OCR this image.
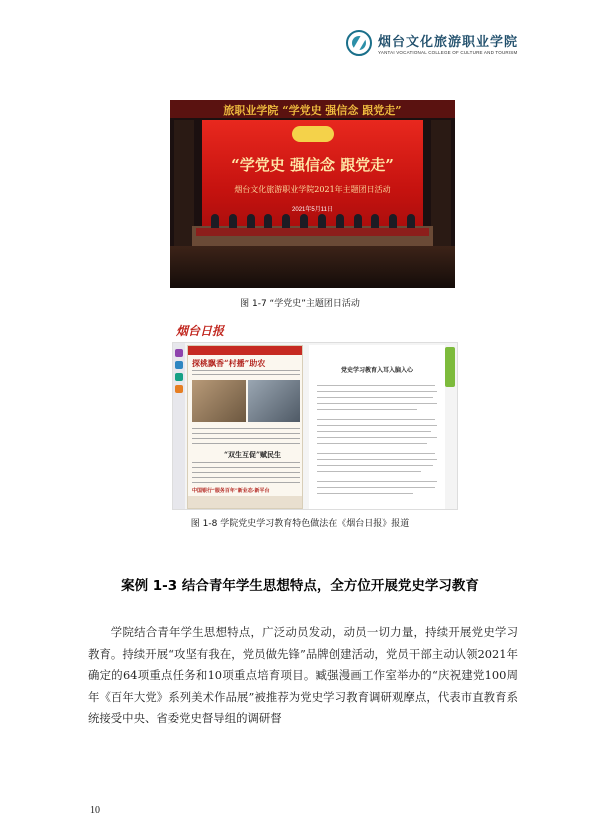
烟台文化旅游职业学院
YANTAI VOCATIONAL COLLEGE OF CULTURE AND TOURISM
旅职业学院 “学党史 强信念 跟党走”
“学党史 强信念 跟党走”
烟台文化旅游职业学院2021年主题团日活动
2021年5月11日
图 1-7 “学党史”主题团日活动
烟台日报
探桃飘香“村播”助农
“双生互促”赋民生
中国银行“服务百年”新业态·新平台
党史学习教育入耳入脑入心
图 1-8 学院党史学习教育特色做法在《烟台日报》报道
案例 1-3 结合青年学生思想特点，全方位开展党史学习教育

学院结合青年学生思想特点，广泛动员发动，动员一切力量，持续开展党史学习教育。持续开展“攻坚有我在，党员做先锋”品牌创建活动，党员干部主动认领2021年确定的64项重点任务和10项重点培育项目。臧强漫画工作室举办的“庆祝建党100周年《百年大党》系列美术作品展”被推荐为党史学习教育调研观摩点，代表市直教育系统接受中央、省委党史督导组的调研督

10
